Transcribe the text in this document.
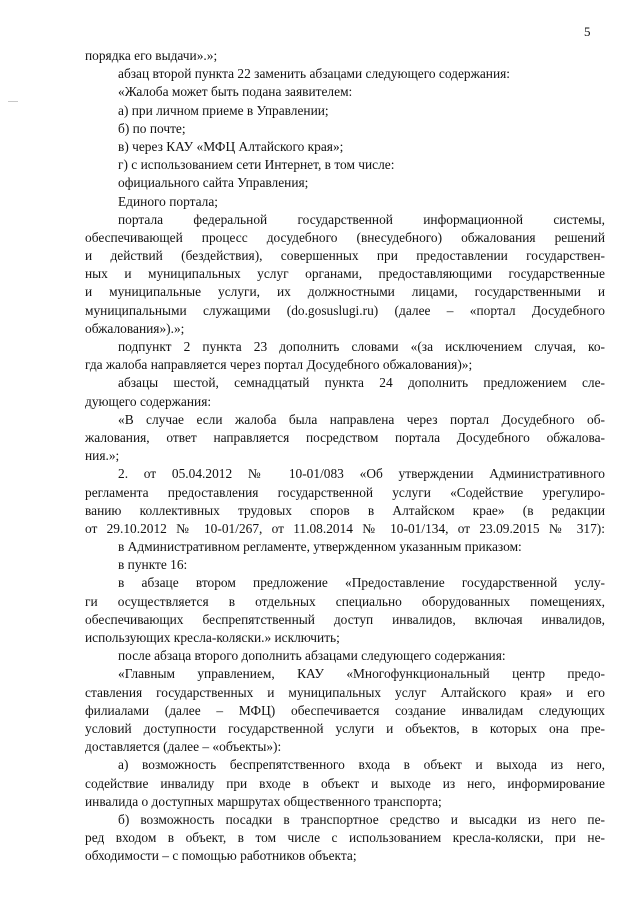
5
порядка его выдачи».»;
абзац второй пункта 22 заменить абзацами следующего содержания:
«Жалоба может быть подана заявителем:
а) при личном приеме в Управлении;
б) по почте;
в) через КАУ «МФЦ Алтайского края»;
г) с использованием сети Интернет, в том числе:
официального сайта Управления;
Единого портала;
портала федеральной государственной информационной системы,
обеспечивающей процесс досудебного (внесудебного) обжалования решений
и действий (бездействия), совершенных при предоставлении государствен-
ных и муниципальных услуг органами, предоставляющими государственные
и муниципальные услуги, их должностными лицами, государственными и
муниципальными служащими (do.gosuslugi.ru) (далее – «портал Досудебного
обжалования»).»;
подпункт 2 пункта 23 дополнить словами «(за исключением случая, ко-
гда жалоба направляется через портал Досудебного обжалования)»;
абзацы шестой, семнадцатый пункта 24 дополнить предложением сле-
дующего содержания:
«В случае если жалоба была направлена через портал Досудебного об-
жалования, ответ направляется посредством портала Досудебного обжалова-
ния.»;
2. от 05.04.2012 № 10-01/083 «Об утверждении Административного
регламента предоставления государственной услуги «Содействие урегулиро-
ванию коллективных трудовых споров в Алтайском крае» (в редакции
от 29.10.2012 № 10-01/267, от 11.08.2014 № 10-01/134, от 23.09.2015 № 317):
в Административном регламенте, утвержденном указанным приказом:
в пункте 16:
в абзаце втором предложение «Предоставление государственной услу-
ги осуществляется в отдельных специально оборудованных помещениях,
обеспечивающих беспрепятственный доступ инвалидов, включая инвалидов,
использующих кресла-коляски.» исключить;
после абзаца второго дополнить абзацами следующего содержания:
«Главным управлением, КАУ «Многофункциональный центр предо-
ставления государственных и муниципальных услуг Алтайского края» и его
филиалами (далее – МФЦ) обеспечивается создание инвалидам следующих
условий доступности государственной услуги и объектов, в которых она пре-
доставляется (далее – «объекты»):
а) возможность беспрепятственного входа в объект и выхода из него,
содействие инвалиду при входе в объект и выходе из него, информирование
инвалида о доступных маршрутах общественного транспорта;
б) возможность посадки в транспортное средство и высадки из него пе-
ред входом в объект, в том числе с использованием кресла-коляски, при не-
обходимости – с помощью работников объекта;
